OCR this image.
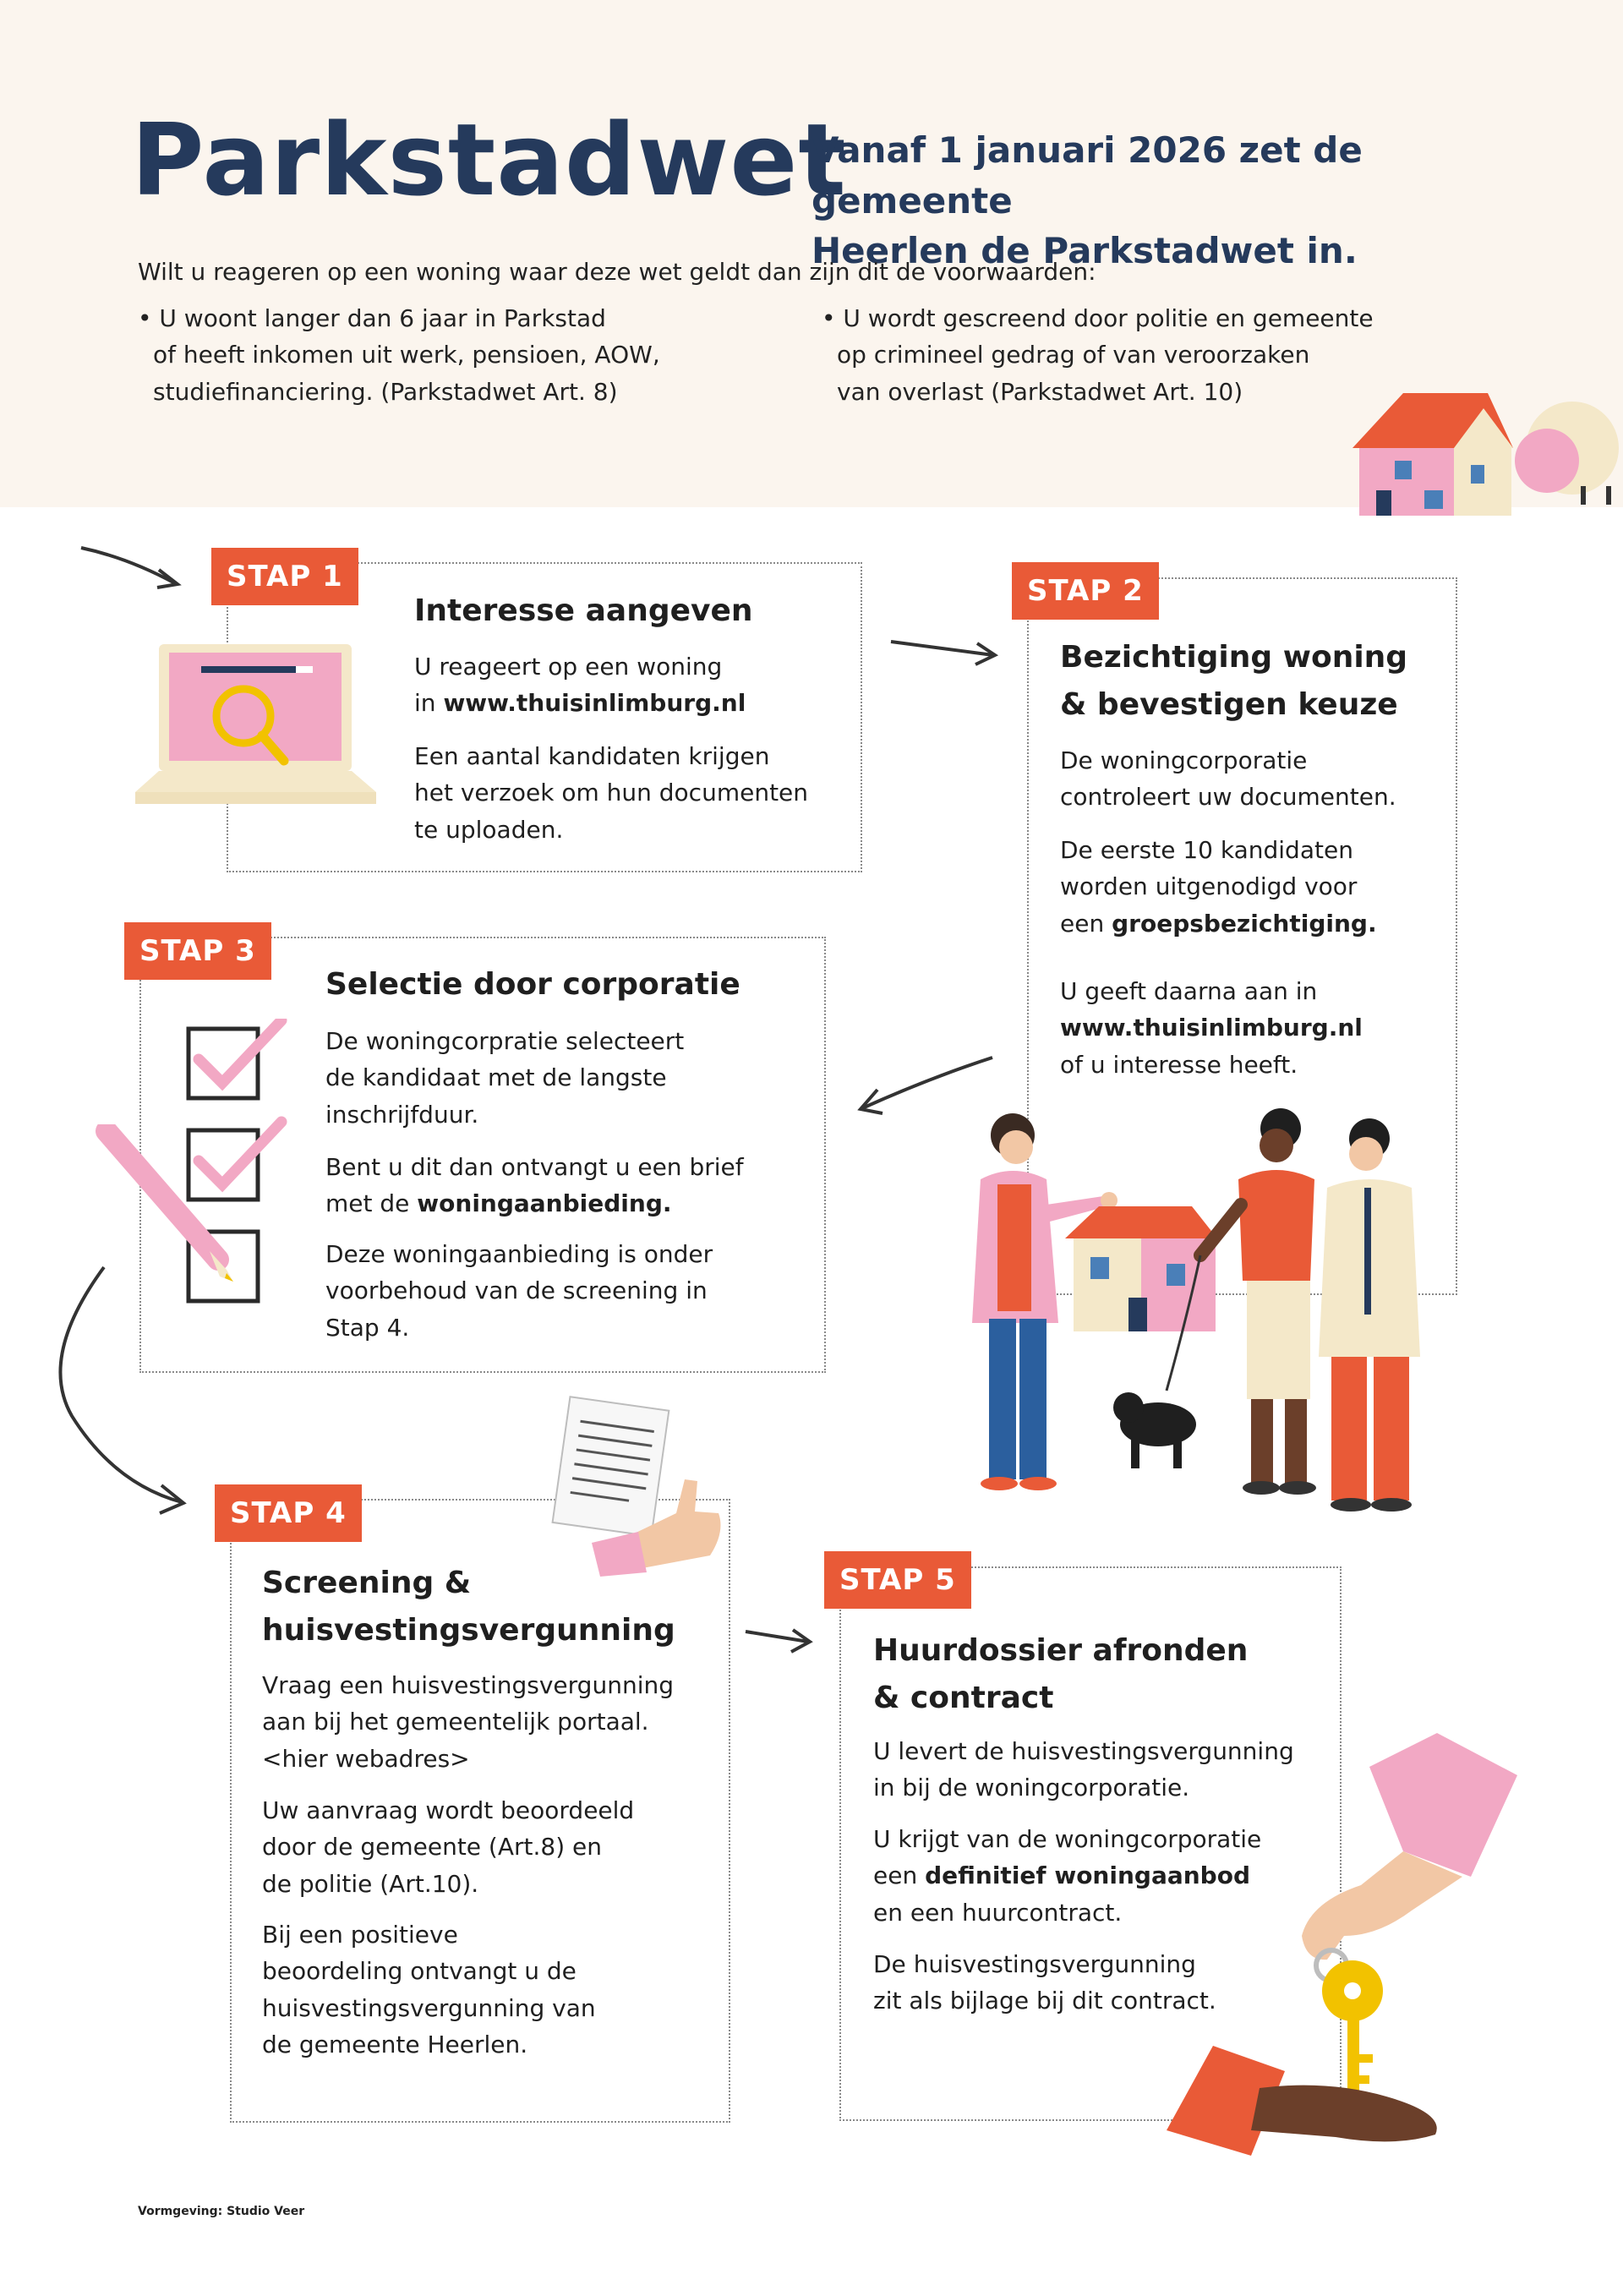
Parkstadwet
Vanaf 1 januari 2026 zet de gemeente
Heerlen de Parkstadwet in.
Wilt u reageren op een woning waar deze wet geldt dan zijn dit de voorwaarden:
• U woont langer dan 6 jaar in Parkstad
of heeft inkomen uit werk, pensioen, AOW,
studiefinanciering. (Parkstadwet Art. 8)
• U wordt gescreend door politie en gemeente
op crimineel gedrag of van veroorzaken
van overlast (Parkstadwet Art. 10)
STAP 1
Interesse aangeven
U reageert op een woning
in www.thuisinlimburg.nl
Een aantal kandidaten krijgen
het verzoek om hun documenten
te uploaden.
STAP 2
Bezichtiging woning
& bevestigen keuze
De woningcorporatie
controleert uw documenten.
De eerste 10 kandidaten
worden uitgenodigd voor
een groepsbezichtiging.
U geeft daarna aan in
www.thuisinlimburg.nl
of u interesse heeft.
STAP 3
Selectie door corporatie
De woningcorpratie selecteert
de kandidaat met de langste
inschrijfduur.
Bent u dit dan ontvangt u een brief
met de woningaanbieding.
Deze woningaanbieding is onder
voorbehoud van de screening in
Stap 4.
STAP 4
Screening &
huisvestingsvergunning
Vraag een huisvestingsvergunning
aan bij het gemeentelijk portaal.
<hier webadres>
Uw aanvraag wordt beoordeeld
door de gemeente (Art.8) en
de politie (Art.10).
Bij een positieve
beoordeling ontvangt u de
huisvestingsvergunning van
de gemeente Heerlen.
STAP 5
Huurdossier afronden
& contract
U levert de huisvestingsvergunning
in bij de woningcorporatie.
U krijgt van de woningcorporatie
een definitief woningaanbod
en een huurcontract.
De huisvestingsvergunning
zit als bijlage bij dit contract.
Vormgeving: Studio Veer
